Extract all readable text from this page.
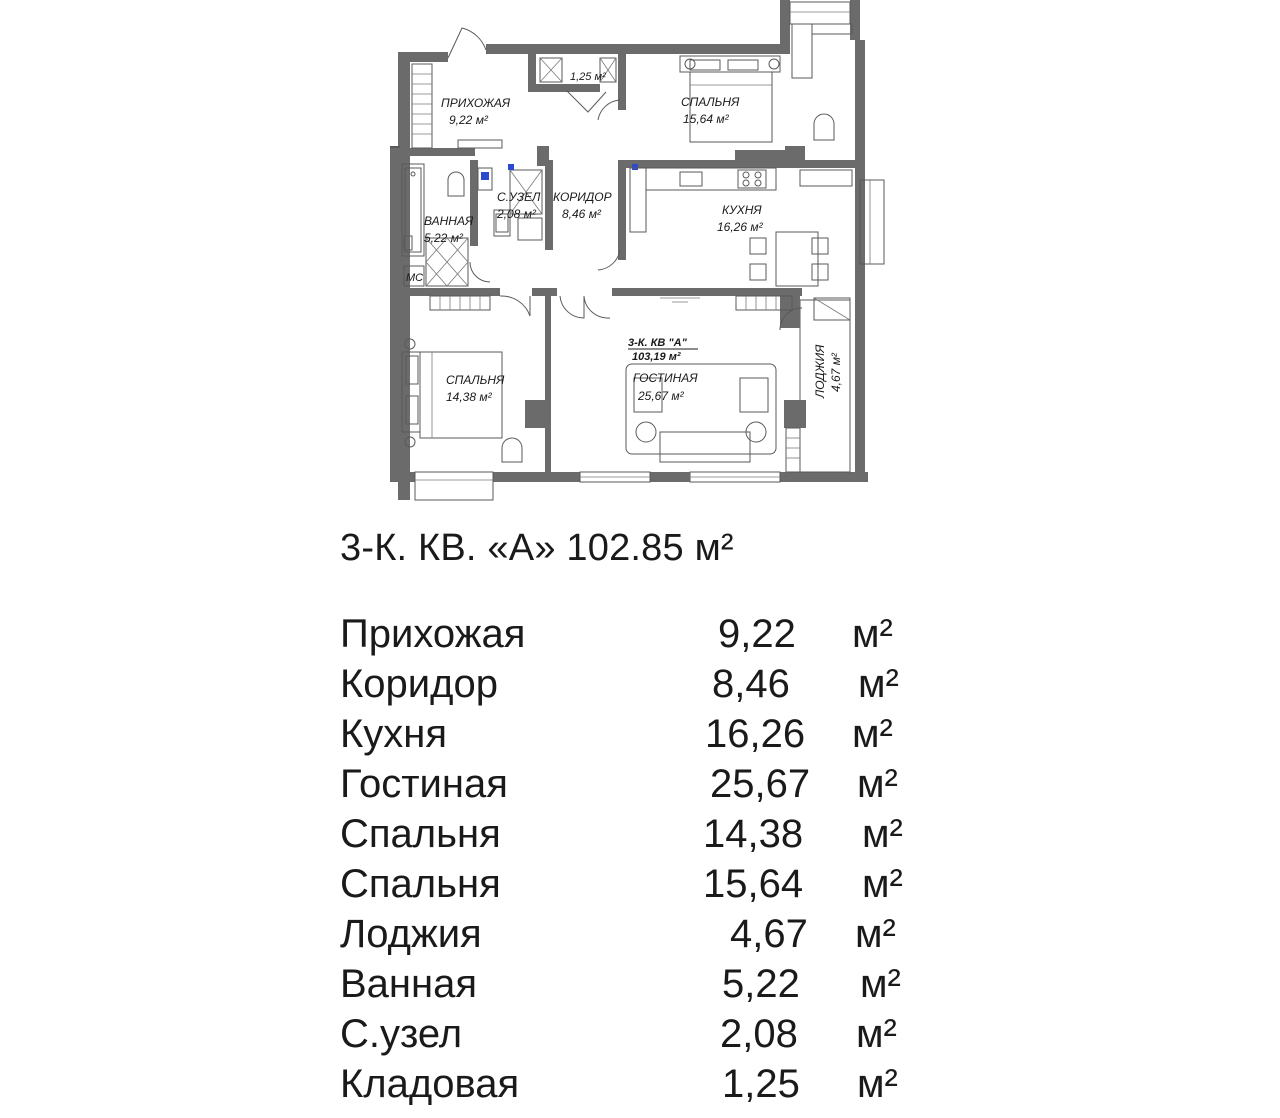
МС
ПРИХОЖАЯ
9,22 м²
1,25 м²
СПАЛЬНЯ
15,64 м²
ВАННАЯ
5,22 м²
С.УЗЕЛ
2,08 м²
КОРИДОР
8,46 м²	КУХНЯ
16,26 м²
СПАЛЬНЯ
14,38 м²
3-К. КВ "А"
103,19 м²
ГОСТИНАЯ
25,67 м²	ЛОДЖИЯ 4,67 м²
3-К. КВ. «А» 102.85 м²
Прихожая	9,22 м²
Коридор	8,46 м²
Кухня	16,26 м²
Гостиная	25,67 м²
Спальня	14,38 м²
Спальня	15,64 м²
Лоджия	4,67 м²
Ванная	5,22 м²
С.узел	2,08 м²
Кладовая	1,25 м²
